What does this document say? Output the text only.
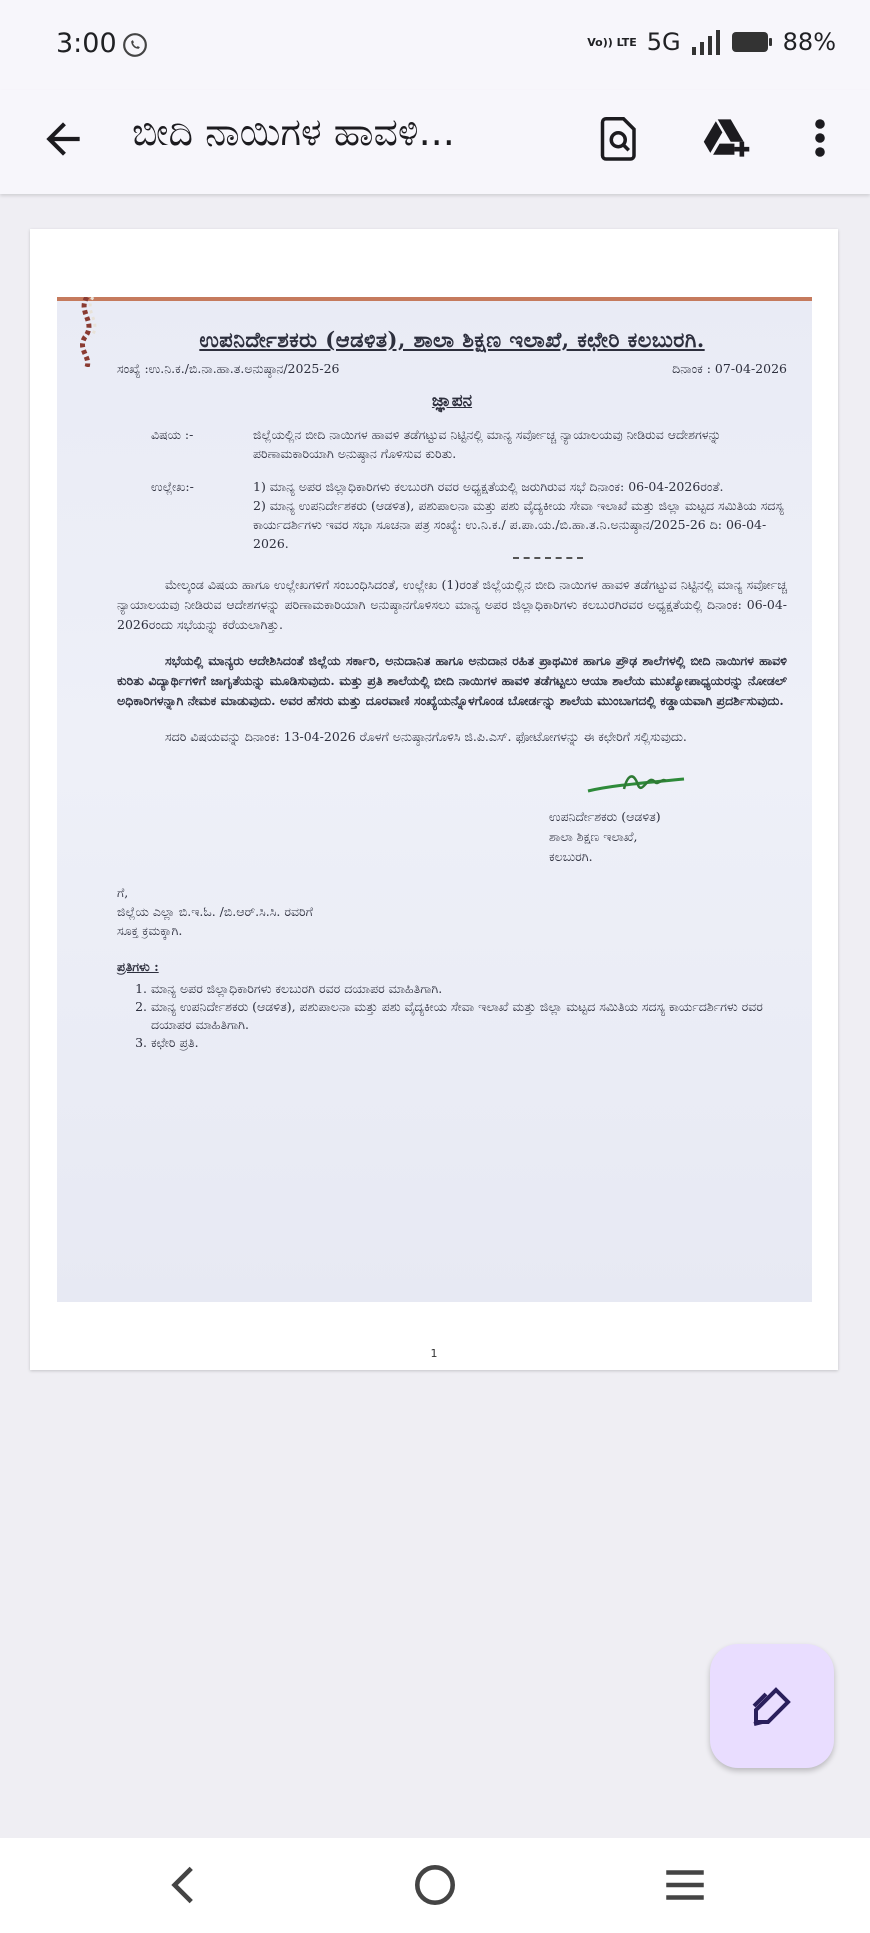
3:00	Vo)) LTE 5G	88%
ಬೀದಿ ನಾಯಿಗಳ ಹಾವಳಿ...
ಉಪನಿರ್ದೇಶಕರು (ಆಡಳಿತ), ಶಾಲಾ ಶಿಕ್ಷಣ ಇಲಾಖೆ, ಕಛೇರಿ ಕಲಬುರಗಿ.
ಸಂಖ್ಯೆ :ಉ.ನಿ.ಕ./ಬಿ.ನಾ.ಹಾ.ತ.ಅನುಷ್ಠಾನ/2025-26	ದಿನಾಂಕ : 07-04-2026
ಜ್ಞಾಪನ
ವಿಷಯ :-	ಜಿಲ್ಲೆಯಲ್ಲಿನ ಬೀದಿ ನಾಯಿಗಳ ಹಾವಳಿ ತಡೆಗಟ್ಟುವ ನಿಟ್ಟಿನಲ್ಲಿ ಮಾನ್ಯ ಸರ್ವೋಚ್ಚ ನ್ಯಾಯಾಲಯವು ನೀಡಿರುವ ಆದೇಶಗಳನ್ನು ಪರಿಣಾಮಕಾರಿಯಾಗಿ ಅನುಷ್ಠಾನ ಗೊಳಿಸುವ ಕುರಿತು.
ಉಲ್ಲೇಖ:-	1) ಮಾನ್ಯ ಅಪರ ಜಿಲ್ಲಾಧಿಕಾರಿಗಳು ಕಲಬುರಗಿ ರವರ ಅಧ್ಯಕ್ಷತೆಯಲ್ಲಿ ಜರುಗಿರುವ ಸಭೆ ದಿನಾಂಕ: 06-04-2026ರಂತೆ.
2) ಮಾನ್ಯ ಉಪನಿರ್ದೇಶಕರು (ಆಡಳಿತ), ಪಶುಪಾಲನಾ ಮತ್ತು ಪಶು ವೈದ್ಯಕೀಯ ಸೇವಾ ಇಲಾಖೆ ಮತ್ತು ಜಿಲ್ಲಾ ಮಟ್ಟದ ಸಮಿತಿಯ ಸದಸ್ಯ ಕಾರ್ಯದರ್ಶಿಗಳು ಇವರ ಸಭಾ ಸೂಚನಾ ಪತ್ರ ಸಂಖ್ಯೆ: ಉ.ನಿ.ಕ./ ಪ.ಪಾ.ಯ./ಬಿ.ಹಾ.ತ.ನಿ.ಅನುಷ್ಠಾನ/2025-26 ದಿ: 06-04-2026.
ಮೇಲ್ಕಂಡ ವಿಷಯ ಹಾಗೂ ಉಲ್ಲೇಖಗಳಿಗೆ ಸಂಬಂಧಿಸಿದಂತೆ, ಉಲ್ಲೇಖ (1)ರಂತೆ ಜಿಲ್ಲೆಯಲ್ಲಿನ ಬೀದಿ ನಾಯಿಗಳ ಹಾವಳಿ ತಡೆಗಟ್ಟುವ ನಿಟ್ಟಿನಲ್ಲಿ ಮಾನ್ಯ ಸರ್ವೋಚ್ಚ ನ್ಯಾಯಾಲಯವು ನೀಡಿರುವ ಆದೇಶಗಳನ್ನು ಪರಿಣಾಮಕಾರಿಯಾಗಿ ಅನುಷ್ಠಾನಗೊಳಿಸಲು ಮಾನ್ಯ ಅಪರ ಜಿಲ್ಲಾಧಿಕಾರಿಗಳು ಕಲಬುರಗಿರವರ ಅಧ್ಯಕ್ಷತೆಯಲ್ಲಿ ದಿನಾಂಕ: 06-04-2026ರಂದು ಸಭೆಯನ್ನು ಕರೆಯಲಾಗಿತ್ತು.
ಸಭೆಯಲ್ಲಿ ಮಾನ್ಯರು ಆದೇಶಿಸಿದಂತೆ ಜಿಲ್ಲೆಯ ಸರ್ಕಾರಿ, ಅನುದಾನಿತ ಹಾಗೂ ಅನುದಾನ ರಹಿತ ಪ್ರಾಥಮಿಕ ಹಾಗೂ ಪ್ರೌಢ ಶಾಲೆಗಳಲ್ಲಿ ಬೀದಿ ನಾಯಿಗಳ ಹಾವಳಿ ಕುರಿತು ವಿದ್ಯಾರ್ಥಿಗಳಿಗೆ ಜಾಗೃತೆಯನ್ನು ಮೂಡಿಸುವುದು. ಮತ್ತು ಪ್ರತಿ ಶಾಲೆಯಲ್ಲಿ ಬೀದಿ ನಾಯಿಗಳ ಹಾವಳಿ ತಡೆಗಟ್ಟಲು ಆಯಾ ಶಾಲೆಯ ಮುಖ್ಯೋಪಾಧ್ಯಯರನ್ನು ನೋಡಲ್ ಅಧಿಕಾರಿಗಳನ್ನಾಗಿ ನೇಮಕ ಮಾಡುವುದು. ಅವರ ಹೆಸರು ಮತ್ತು ದೂರವಾಣಿ ಸಂಖ್ಯೆಯನ್ನೊಳಗೊಂಡ ಬೋರ್ಡನ್ನು ಶಾಲೆಯ ಮುಂಬಾಗದಲ್ಲಿ ಕಡ್ಡಾಯವಾಗಿ ಪ್ರದರ್ಶಿಸುವುದು.
ಸದರಿ ವಿಷಯವನ್ನು ದಿನಾಂಕ: 13-04-2026 ರೊಳಗೆ ಅನುಷ್ಠಾನಗೊಳಿಸಿ ಜಿ.ಪಿ.ಎಸ್. ಫೋಟೋಗಳನ್ನು ಈ ಕಛೇರಿಗೆ ಸಲ್ಲಿಸುವುದು.
ಉಪನಿರ್ದೇಶಕರು (ಆಡಳಿತ)
ಶಾಲಾ ಶಿಕ್ಷಣ ಇಲಾಖೆ,
ಕಲಬುರಗಿ.
ಗೆ,
ಜಿಲ್ಲೆಯ ಎಲ್ಲಾ ಬಿ.ಇ.ಓ. /ಬಿ.ಆರ್.ಸಿ.ಸಿ. ರವರಿಗೆ
ಸೂಕ್ತ ಕ್ರಮಕ್ಕಾಗಿ.
ಪ್ರತಿಗಳು :
1. ಮಾನ್ಯ ಅಪರ ಜಿಲ್ಲಾಧಿಕಾರಿಗಳು ಕಲಬುರಗಿ ರವರ ದಯಾಪರ ಮಾಹಿತಿಗಾಗಿ.
2. ಮಾನ್ಯ ಉಪನಿರ್ದೇಶಕರು (ಆಡಳಿತ), ಪಶುಪಾಲನಾ ಮತ್ತು ಪಶು ವೈದ್ಯಕೀಯ ಸೇವಾ ಇಲಾಖೆ ಮತ್ತು ಜಿಲ್ಲಾ ಮಟ್ಟದ ಸಮಿತಿಯ ಸದಸ್ಯ ಕಾರ್ಯದರ್ಶಿಗಳು ರವರ ದಯಾಪರ ಮಾಹಿತಿಗಾಗಿ.
3. ಕಛೇರಿ ಪ್ರತಿ.
1
